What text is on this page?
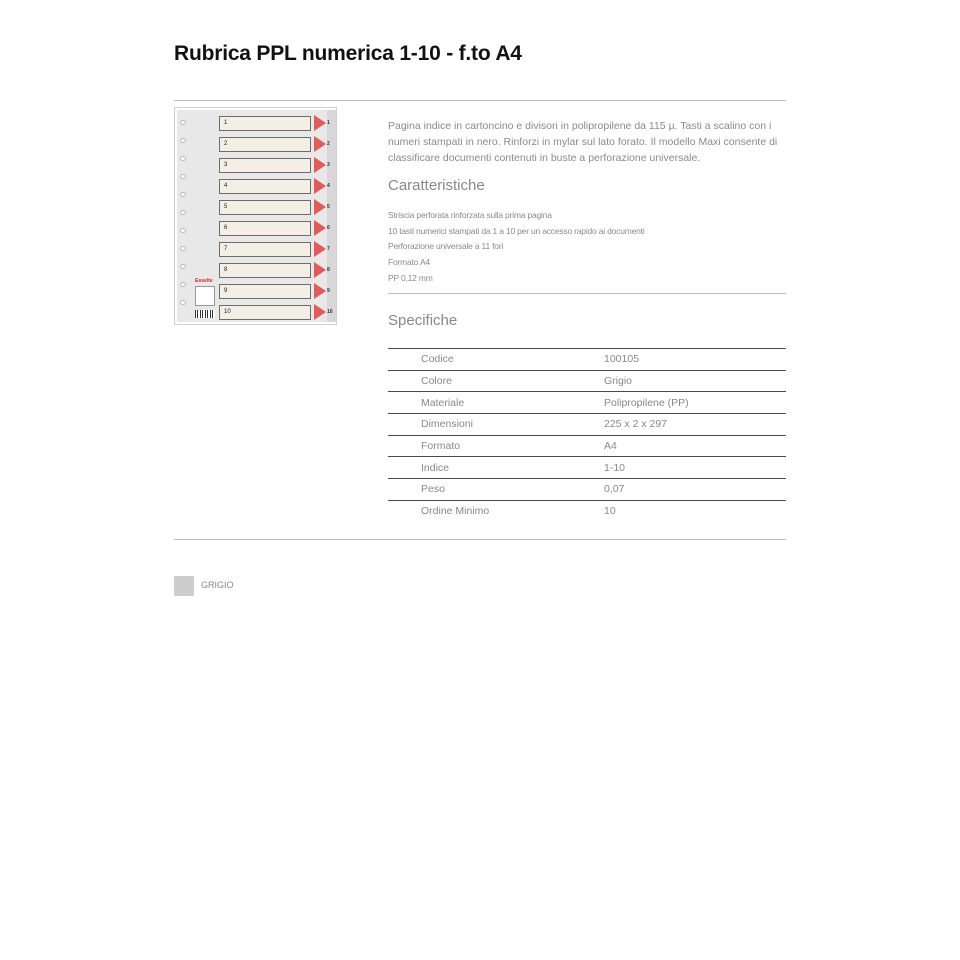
Rubrica PPL numerica 1-10 - f.to A4
1	1
2	2
3	3
4	4
5	5
6	6
7	7
8	8
9	9
10	10
Esselte

Pagina indice in cartoncino e divisori in polipropilene da 115 µ. Tasti a scalino con i numeri stampati in nero. Rinforzi in mylar sul lato forato. Il modello Maxi consente di classificare documenti contenuti in buste a perforazione universale.

Caratteristiche
Striscia perforata rinforzata sulla prima pagina
10 tasti numerici stampati da 1 a 10 per un accesso rapido ai documenti
Perforazione universale a 11 fori
Formato A4
PP 0,12 mm
Specifiche
Codice	100105
Colore	Grigio
Materiale	Polipropilene (PP)
Dimensioni	225 x 2 x 297
Formato	A4
Indice	1-10
Peso	0,07
Ordine Minimo	10
GRIGIO
